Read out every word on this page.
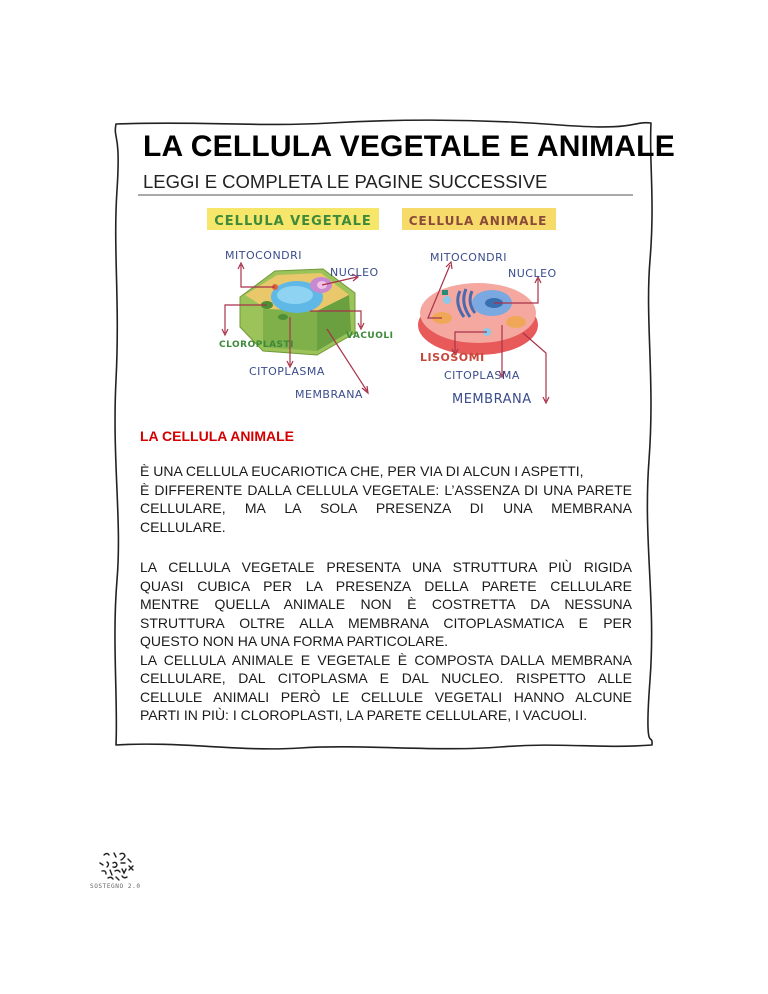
LA CELLULA VEGETALE E ANIMALE
LEGGI E COMPLETA LE PAGINE SUCCESSIVE
CELLULA VEGETALE
MITOCONDRI
NUCLEO
VACUOLI
CLOROPLASTI
CITOPLASMA
MEMBRANA
CELLULA ANIMALE
MITOCONDRI
NUCLEO
LISOSOMI
CITOPLASMA
MEMBRANA
LA CELLULA ANIMALE
È UNA CELLULA EUCARIOTICA CHE, PER VIA DI ALCUN I ASPETTI,
È DIFFERENTE DALLA CELLULA VEGETALE: L’ASSENZA DI UNA PARETE
CELLULARE, MA LA SOLA PRESENZA DI UNA MEMBRANA
CELLULARE.
LA CELLULA VEGETALE PRESENTA UNA STRUTTURA PIÙ RIGIDA
QUASI CUBICA PER LA PRESENZA DELLA PARETE CELLULARE
MENTRE QUELLA ANIMALE NON È COSTRETTA DA NESSUNA
STRUTTURA OLTRE ALLA MEMBRANA CITOPLASMATICA E PER
QUESTO NON HA UNA FORMA PARTICOLARE.
LA CELLULA ANIMALE E VEGETALE È COMPOSTA DALLA MEMBRANA
CELLULARE, DAL CITOPLASMA E DAL NUCLEO. RISPETTO ALLE
CELLULE ANIMALI PERÒ LE CELLULE VEGETALI HANNO ALCUNE
PARTI IN PIÙ: I CLOROPLASTI, LA PARETE CELLULARE, I VACUOLI.
SOSTEGNO 2.0
